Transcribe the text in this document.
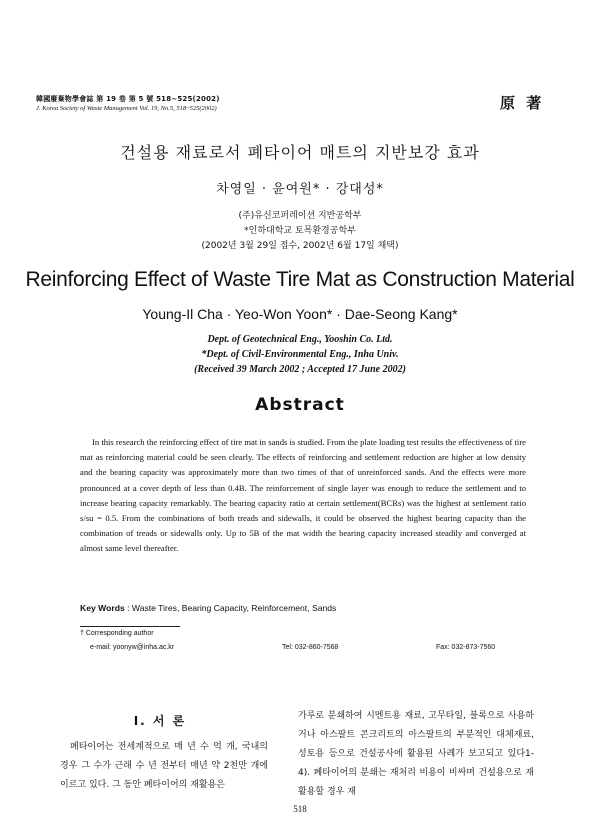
韓國廢棄物學會誌 第 19 卷 第 5 號 518~525(2002)
J. Korea Society of Waste Management Vol. 19, No.5, 518~525(2002)	原 著
건설용 재료로서 폐타이어 매트의 지반보강 효과
차영일 · 윤여원* · 강대성*
(주)유신코퍼레이션 지반공학부
*인하대학교 토목환경공학부
(2002년 3월 29일 접수, 2002년 6월 17일 채택)
Reinforcing Effect of Waste Tire Mat as Construction Material
Young-Il Cha · Yeo-Won Yoon* · Dae-Seong Kang*
Dept. of Geotechnical Eng., Yooshin Co. Ltd.
*Dept. of Civil-Environmental Eng., Inha Univ.
(Received 39 March 2002 ; Accepted 17 June 2002)
Abstract
In this research the reinforcing effect of tire mat in sands is studied. From the plate loading test results the effectiveness of tire mat as reinforcing material could be seen clearly. The effects of reinforcing and settlement reduction are higher at low density and the bearing capacity was approximately more than two times of that of unreinforced sands. And the effects were more pronounced at a cover depth of less than 0.4B. The reinforcement of single layer was enough to reduce the settlement and to increase bearing capacity remarkably. The bearing capacity ratio at certain settlement(BCRs) was the highest at settlement ratio s/su = 0.5. From the combinations of both treads and sidewalls, it could be observed the highest bearing capacity than the combination of treads or sidewalls only. Up to 5B of the mat width the bearing capacity increased steadily and converged at almost same level thereafter.
Key Words : Waste Tires, Bearing Capacity, Reinforcement, Sands
† Corresponding author
e-mail: yoonyw@inha.ac.kr	Tel: 032-860-7568	Fax: 032-873-7560
Ⅰ. 서 론
폐타이어는 전세계적으로 매 년 수 억 개, 국내의 경우 그 수가 근래 수 년 전부터 매년 약 2천만 개에 이르고 있다. 그 동안 폐타이어의 재활용은
가루로 분쇄하여 시멘트용 재료, 고무타일, 블록으로 사용하거나 아스팔트 콘크리트의 아스팔트의 부분적인 대체재료, 성토용 등으로 건설공사에 활용된 사례가 보고되고 있다1-4). 폐타이어의 분쇄는 재처리 비용이 비싸며 건설용으로 재활용할 경우 재
518
